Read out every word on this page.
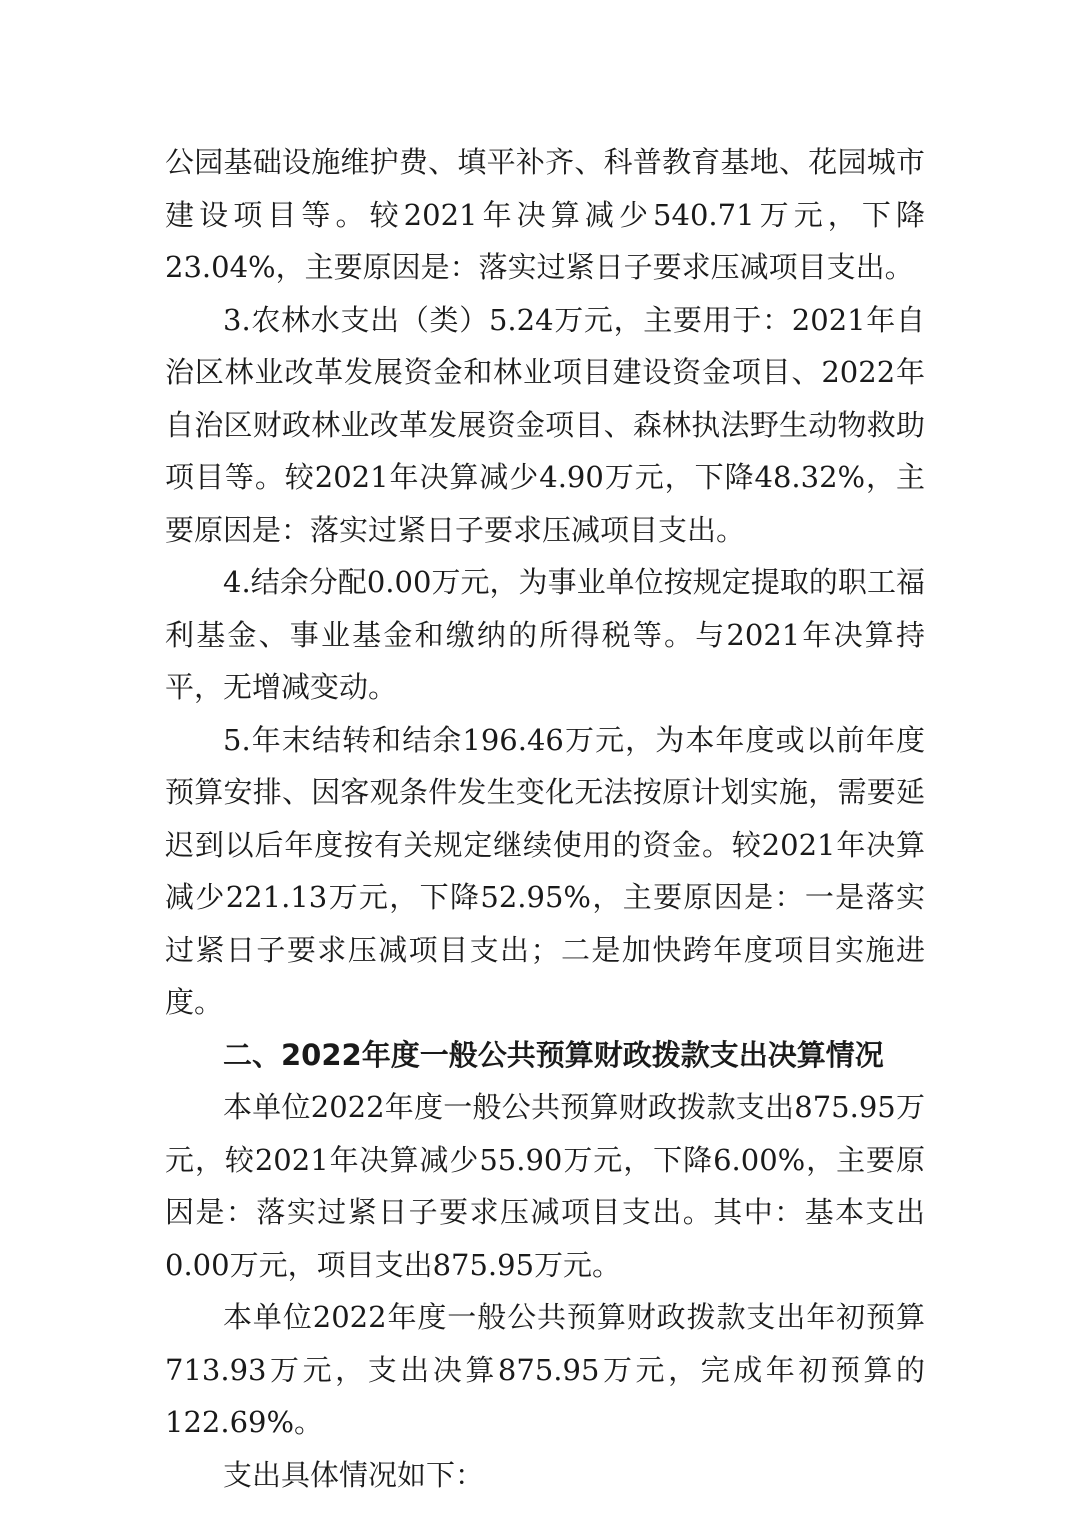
公园基础设施维护费、填平补齐、科普教育基地、花园城市建设项目等。较2021年决算减少540.71万元，下降23.04%，主要原因是：落实过紧日子要求压减项目支出。

3.农林水支出（类）5.24万元，主要用于：2021年自治区林业改革发展资金和林业项目建设资金项目、2022年自治区财政林业改革发展资金项目、森林执法野生动物救助项目等。较2021年决算减少4.90万元，下降48.32%，主要原因是：落实过紧日子要求压减项目支出。

4.结余分配0.00万元，为事业单位按规定提取的职工福利基金、事业基金和缴纳的所得税等。与2021年决算持平，无增减变动。

5.年末结转和结余196.46万元，为本年度或以前年度预算安排、因客观条件发生变化无法按原计划实施，需要延迟到以后年度按有关规定继续使用的资金。较2021年决算减少221.13万元，下降52.95%，主要原因是：一是落实过紧日子要求压减项目支出；二是加快跨年度项目实施进度。

二、2022年度一般公共预算财政拨款支出决算情况

本单位2022年度一般公共预算财政拨款支出875.95万元，较2021年决算减少55.90万元，下降6.00%，主要原因是：落实过紧日子要求压减项目支出。其中：基本支出0.00万元，项目支出875.95万元。

本单位2022年度一般公共预算财政拨款支出年初预算713.93万元，支出决算875.95万元，完成年初预算的122.69%。

支出具体情况如下：
